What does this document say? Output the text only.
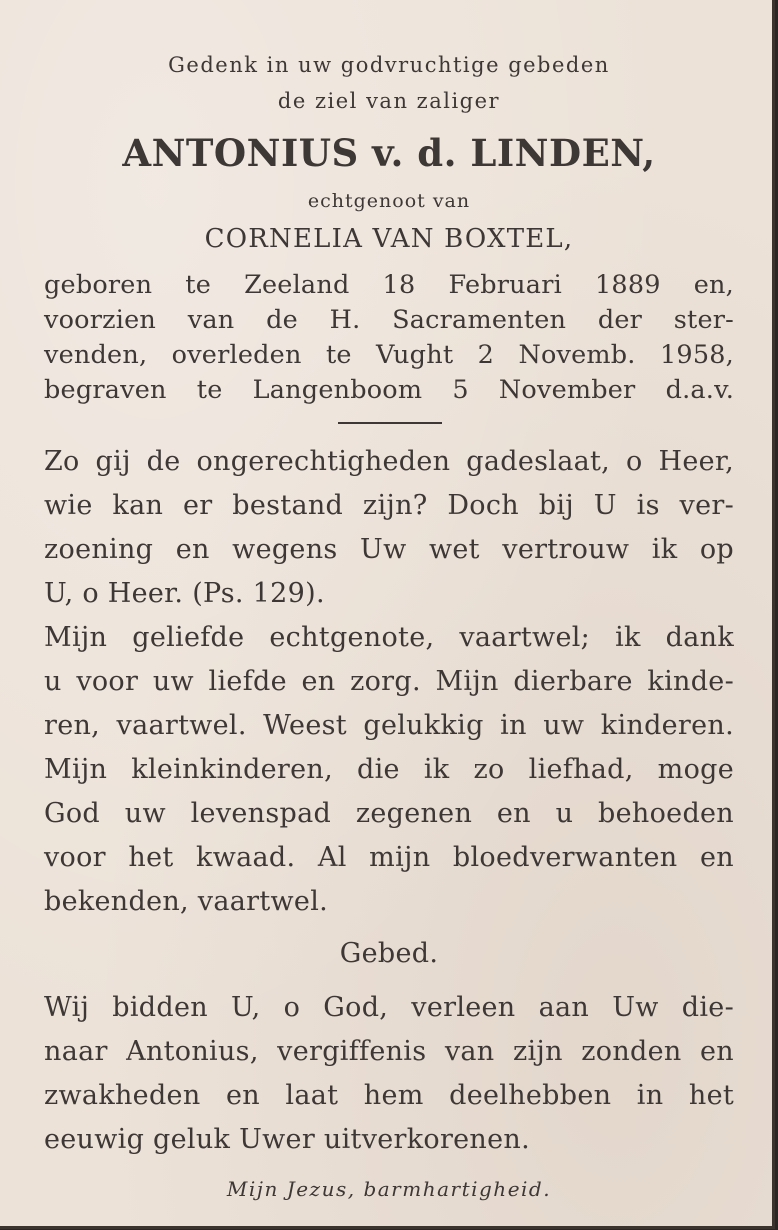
Gedenk in uw godvruchtige gebeden
de ziel van zaliger
ANTONIUS v. d. LINDEN,
echtgenoot van
CORNELIA VAN BOXTEL,
geboren te Zeeland 18 Februari 1889 en,
voorzien van de H. Sacramenten der ster-
venden, overleden te Vught 2 Novemb. 1958,
begraven te Langenboom 5 November d.a.v.
Zo gij de ongerechtigheden gadeslaat, o Heer,
wie kan er bestand zijn? Doch bij U is ver-
zoening en wegens Uw wet vertrouw ik op
U, o Heer. (Ps. 129).
Mijn geliefde echtgenote, vaartwel; ik dank
u voor uw liefde en zorg. Mijn dierbare kinde-
ren, vaartwel. Weest gelukkig in uw kinderen.
Mijn kleinkinderen, die ik zo liefhad, moge
God uw levenspad zegenen en u behoeden
voor het kwaad. Al mijn bloedverwanten en
bekenden, vaartwel.
Gebed.
Wij bidden U, o God, verleen aan Uw die-
naar Antonius, vergiffenis van zijn zonden en
zwakheden en laat hem deelhebben in het
eeuwig geluk Uwer uitverkorenen.
Mijn Jezus, barmhartigheid.
